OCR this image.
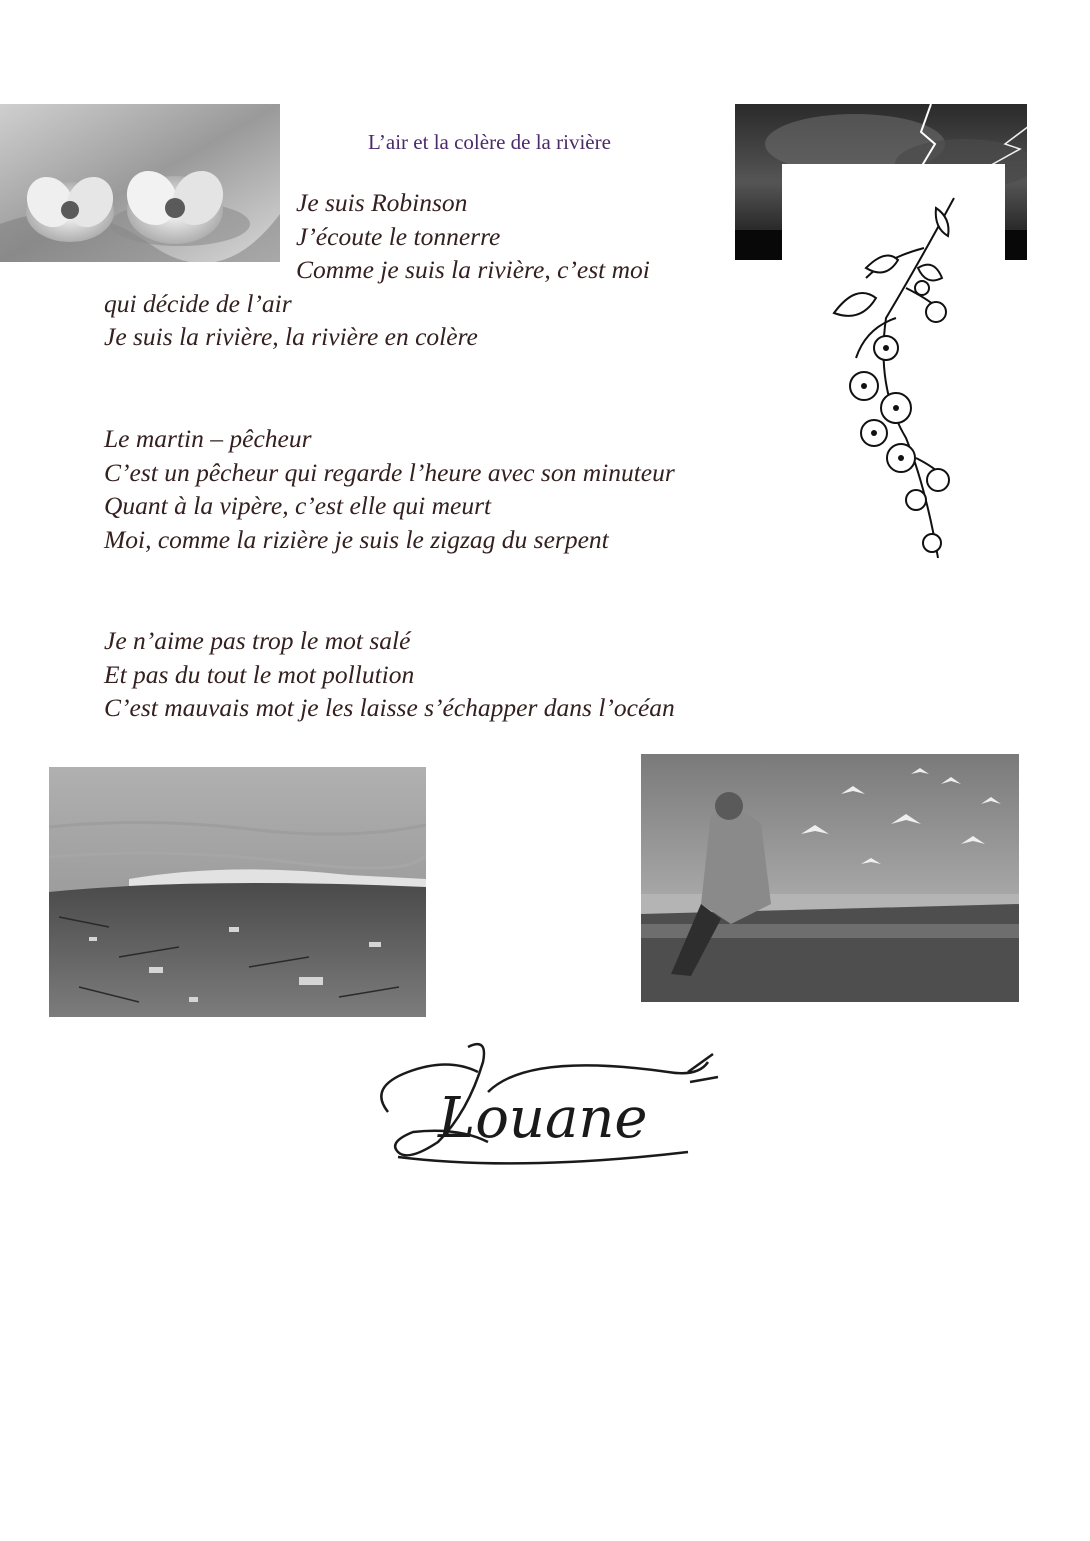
L’air et la colère de la rivière
Je suis Robinson
J’écoute le tonnerre
Comme je suis la rivière, c’est moi
qui décide de l’air
Je suis la rivière, la rivière en colère
Le martin – pêcheur
C’est un pêcheur qui regarde l’heure avec son minuteur
Quant à la vipère, c’est elle qui meurt
Moi, comme la rizière je suis le zigzag du serpent
Je n’aime pas trop le mot salé
Et pas du tout le mot pollution
C’est mauvais mot je les laisse s’échapper dans l’océan
Louane
